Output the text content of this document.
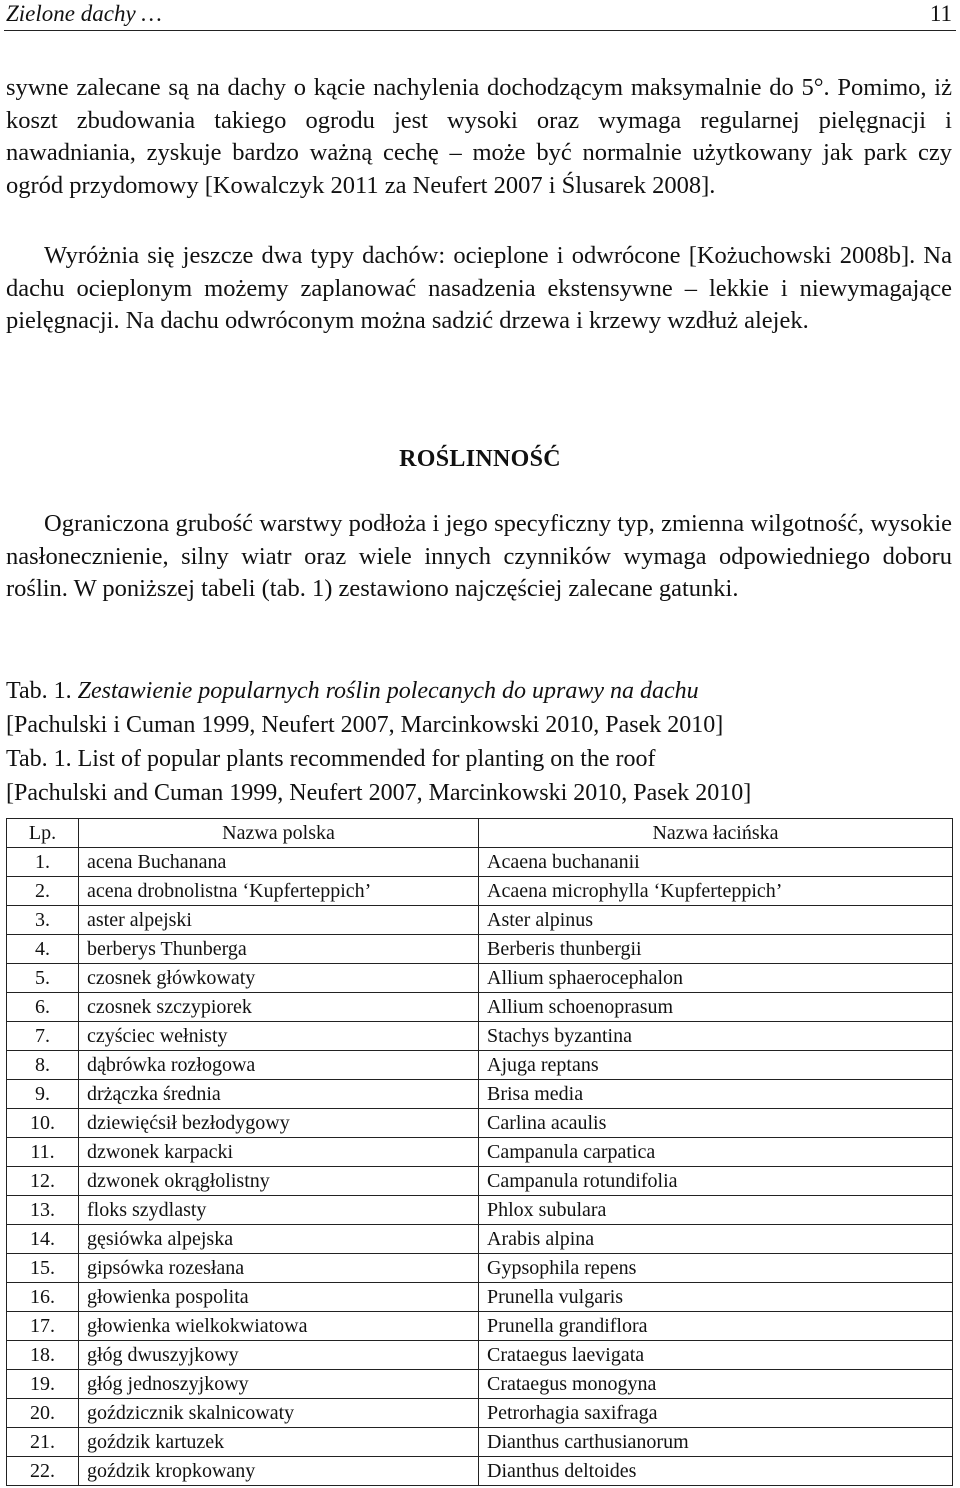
Zielone dachy …	11

sywne zalecane są na dachy o kącie nachylenia dochodzącym maksymalnie do 5°. Pomimo, iż koszt zbudowania takiego ogrodu jest wysoki oraz wymaga regularnej pielęgnacji i nawadniania, zyskuje bardzo ważną cechę – może być normalnie użytkowany jak park czy ogród przydomowy [Kowalczyk 2011 za Neufert 2007 i Ślusarek 2008].

Wyróżnia się jeszcze dwa typy dachów: ocieplone i odwrócone [Kożuchowski 2008b]. Na dachu ocieplonym możemy zaplanować nasadzenia ekstensywne – lekkie i niewymagające pielęgnacji. Na dachu odwróconym można sadzić drzewa i krzewy wzdłuż alejek.

ROŚLINNOŚĆ

Ograniczona grubość warstwy podłoża i jego specyficzny typ, zmienna wilgotność, wysokie nasłonecznienie, silny wiatr oraz wiele innych czynników wymaga odpowiedniego doboru roślin. W poniższej tabeli (tab. 1) zestawiono najczęściej zalecane gatunki.

Tab. 1. Zestawienie popularnych roślin polecanych do uprawy na dachu
[Pachulski i Cuman 1999, Neufert 2007, Marcinkowski 2010, Pasek 2010]
Tab. 1. List of popular plants recommended for planting on the roof
[Pachulski and Cuman 1999, Neufert 2007, Marcinkowski 2010, Pasek 2010]
Lp.	Nazwa polska	Nazwa łacińska
1.	acena Buchanana	Acaena buchananii
2.	acena drobnolistna ‘Kupferteppich’	Acaena microphylla ‘Kupferteppich’
3.	aster alpejski	Aster alpinus
4.	berberys Thunberga	Berberis thunbergii
5.	czosnek główkowaty	Allium sphaerocephalon
6.	czosnek szczypiorek	Allium schoenoprasum
7.	czyściec wełnisty	Stachys byzantina
8.	dąbrówka rozłogowa	Ajuga reptans
9.	drżączka średnia	Brisa media
10.	dziewięćsił bezłodygowy	Carlina acaulis
11.	dzwonek karpacki	Campanula carpatica
12.	dzwonek okrągłolistny	Campanula rotundifolia
13.	floks szydlasty	Phlox subulara
14.	gęsiówka alpejska	Arabis alpina
15.	gipsówka rozesłana	Gypsophila repens
16.	głowienka pospolita	Prunella vulgaris
17.	głowienka wielkokwiatowa	Prunella grandiflora
18.	głóg dwuszyjkowy	Crataegus laevigata
19.	głóg jednoszyjkowy	Crataegus monogyna
20.	goździcznik skalnicowaty	Petrorhagia saxifraga
21.	goździk kartuzek	Dianthus carthusianorum
22.	goździk kropkowany	Dianthus deltoides
